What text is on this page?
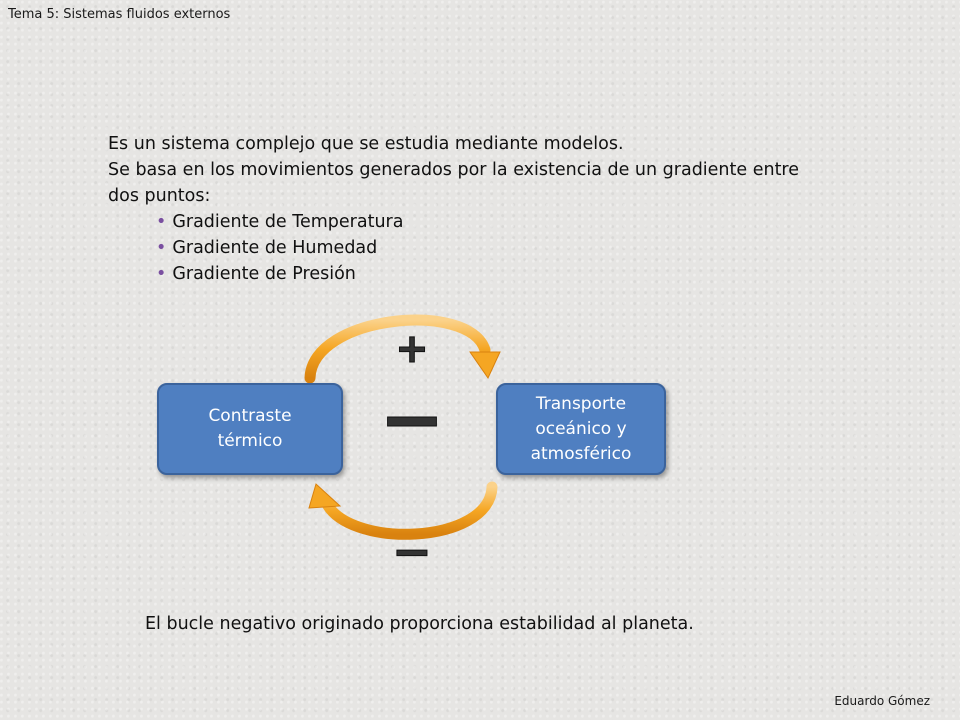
Tema 5: Sistemas fluidos externos

Es un sistema complejo que se estudia mediante modelos.

Se basa en los movimientos generados por la existencia de un gradiente entre dos puntos:

• Gradiente de Temperatura
• Gradiente de Humedad
• Gradiente de Presión
+
−
−
Contraste térmico
Transporte oceánico y atmosférico
El bucle negativo originado proporciona estabilidad al planeta.
Eduardo Gómez
